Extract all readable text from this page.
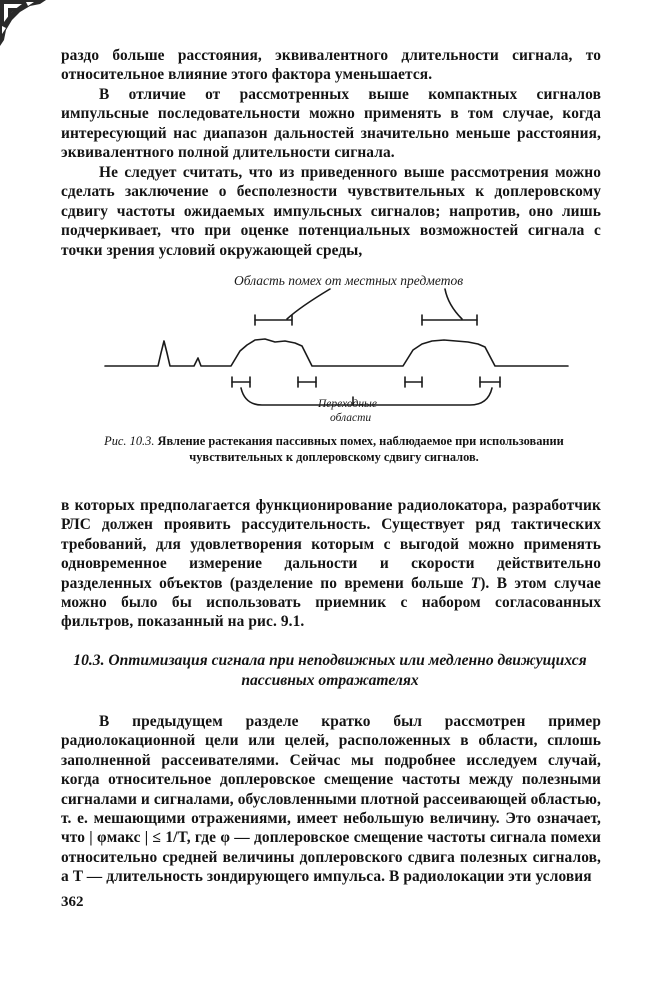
раздо больше расстояния, эквивалентного длительности сигнала, то относительное влияние этого фактора уменьшается.

В отличие от рассмотренных выше компактных сигналов импульсные последовательности можно применять в том случае, когда интересующий нас диапазон дальностей значительно меньше расстояния, эквивалентного полной длительности сигнала.

Не следует считать, что из приведенного выше рассмотрения можно сделать заключение о бесполезности чувствительных к доплеровскому сдвигу частоты ожидаемых импульсных сигналов; напротив, оно лишь подчеркивает, что при оценке потенциальных возможностей сигнала с точки зрения условий окружающей среды,

Область помех от местных предметов
Переходные
области
Рис. 10.3. Явление растекания пассивных помех, наблюдаемое при использовании чувствительных к доплеровскому сдвигу сигналов.

в которых предполагается функционирование радиолокатора, разработчик РЛС должен проявить рассудительность. Существует ряд тактических требований, для удовлетворения которым с выгодой можно применять одновременное измерение дальности и скорости действительно разделенных объектов (разделение по времени больше T). В этом случае можно было бы использовать приемник с набором согласованных фильтров, показанный на рис. 9.1.

10.3. Оптимизация сигнала при неподвижных или медленно движущихся пассивных отражателях

В предыдущем разделе кратко был рассмотрен пример радиолокационной цели или целей, расположенных в области, сплошь заполненной рассеивателями. Сейчас мы подробнее исследуем случай, когда относительное доплеровское смещение частоты между полезными сигналами и сигналами, обусловленными плотной рассеивающей областью, т. е. мешающими отражениями, имеет небольшую величину. Это означает, что | φмакс | ≤ 1/T, где φ — доплеровское смещение частоты сигнала помехи относительно средней величины доплеровского сдвига полезных сигналов, а T — длительность зондирующего импульса. В радиолокации эти условия

362
